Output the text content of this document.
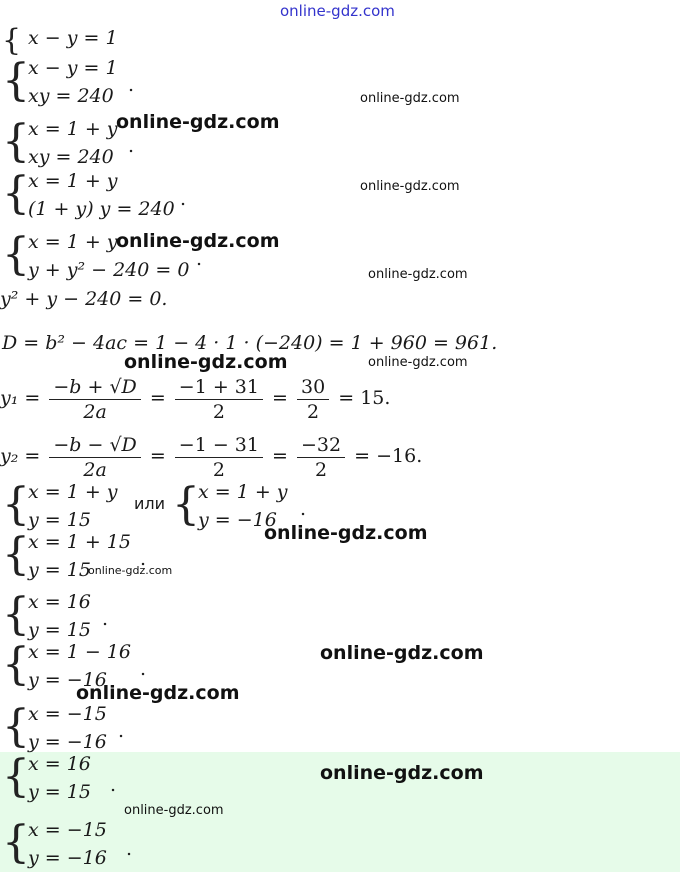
online-gdz.com
{ x − y = 1
{
x − y = 1
xy = 240 .
online-gdz.com
{
x = 1 + y
xy = 240 .
online-gdz.com
{
x = 1 + y
(1 + y) y = 240 .
online-gdz.com
{
x = 1 + y
y + y² − 240 = 0 .
online-gdz.com
online-gdz.com
y² + y − 240 = 0.
D = b² − 4ac = 1 − 4 · 1 · (−240) = 1 + 960 = 961.
online-gdz.com	online-gdz.com
$y_1 = \frac{-b + √D}{2a} = \frac{-1 + 31}{2} = \frac{30}{2} = 15$.
$y_2 = \frac{-b - √D}{2a} = \frac{-1 - 31}{2} = \frac{-32}{2} = -16$.
{
x = 1 + y
y = 15
или {
x = 1 + y
y = −16 .
online-gdz.com
{
x = 1 + 15
y = 15	.
online-gdz.com
{
x = 16
y = 15 .
{
x = 1 − 16
y = −16 .
online-gdz.com
online-gdz.com
{
x = −15
y = −16 .
{
x = 16
y = 15 .
online-gdz.com
online-gdz.com
{
x = −15
y = −16 .
